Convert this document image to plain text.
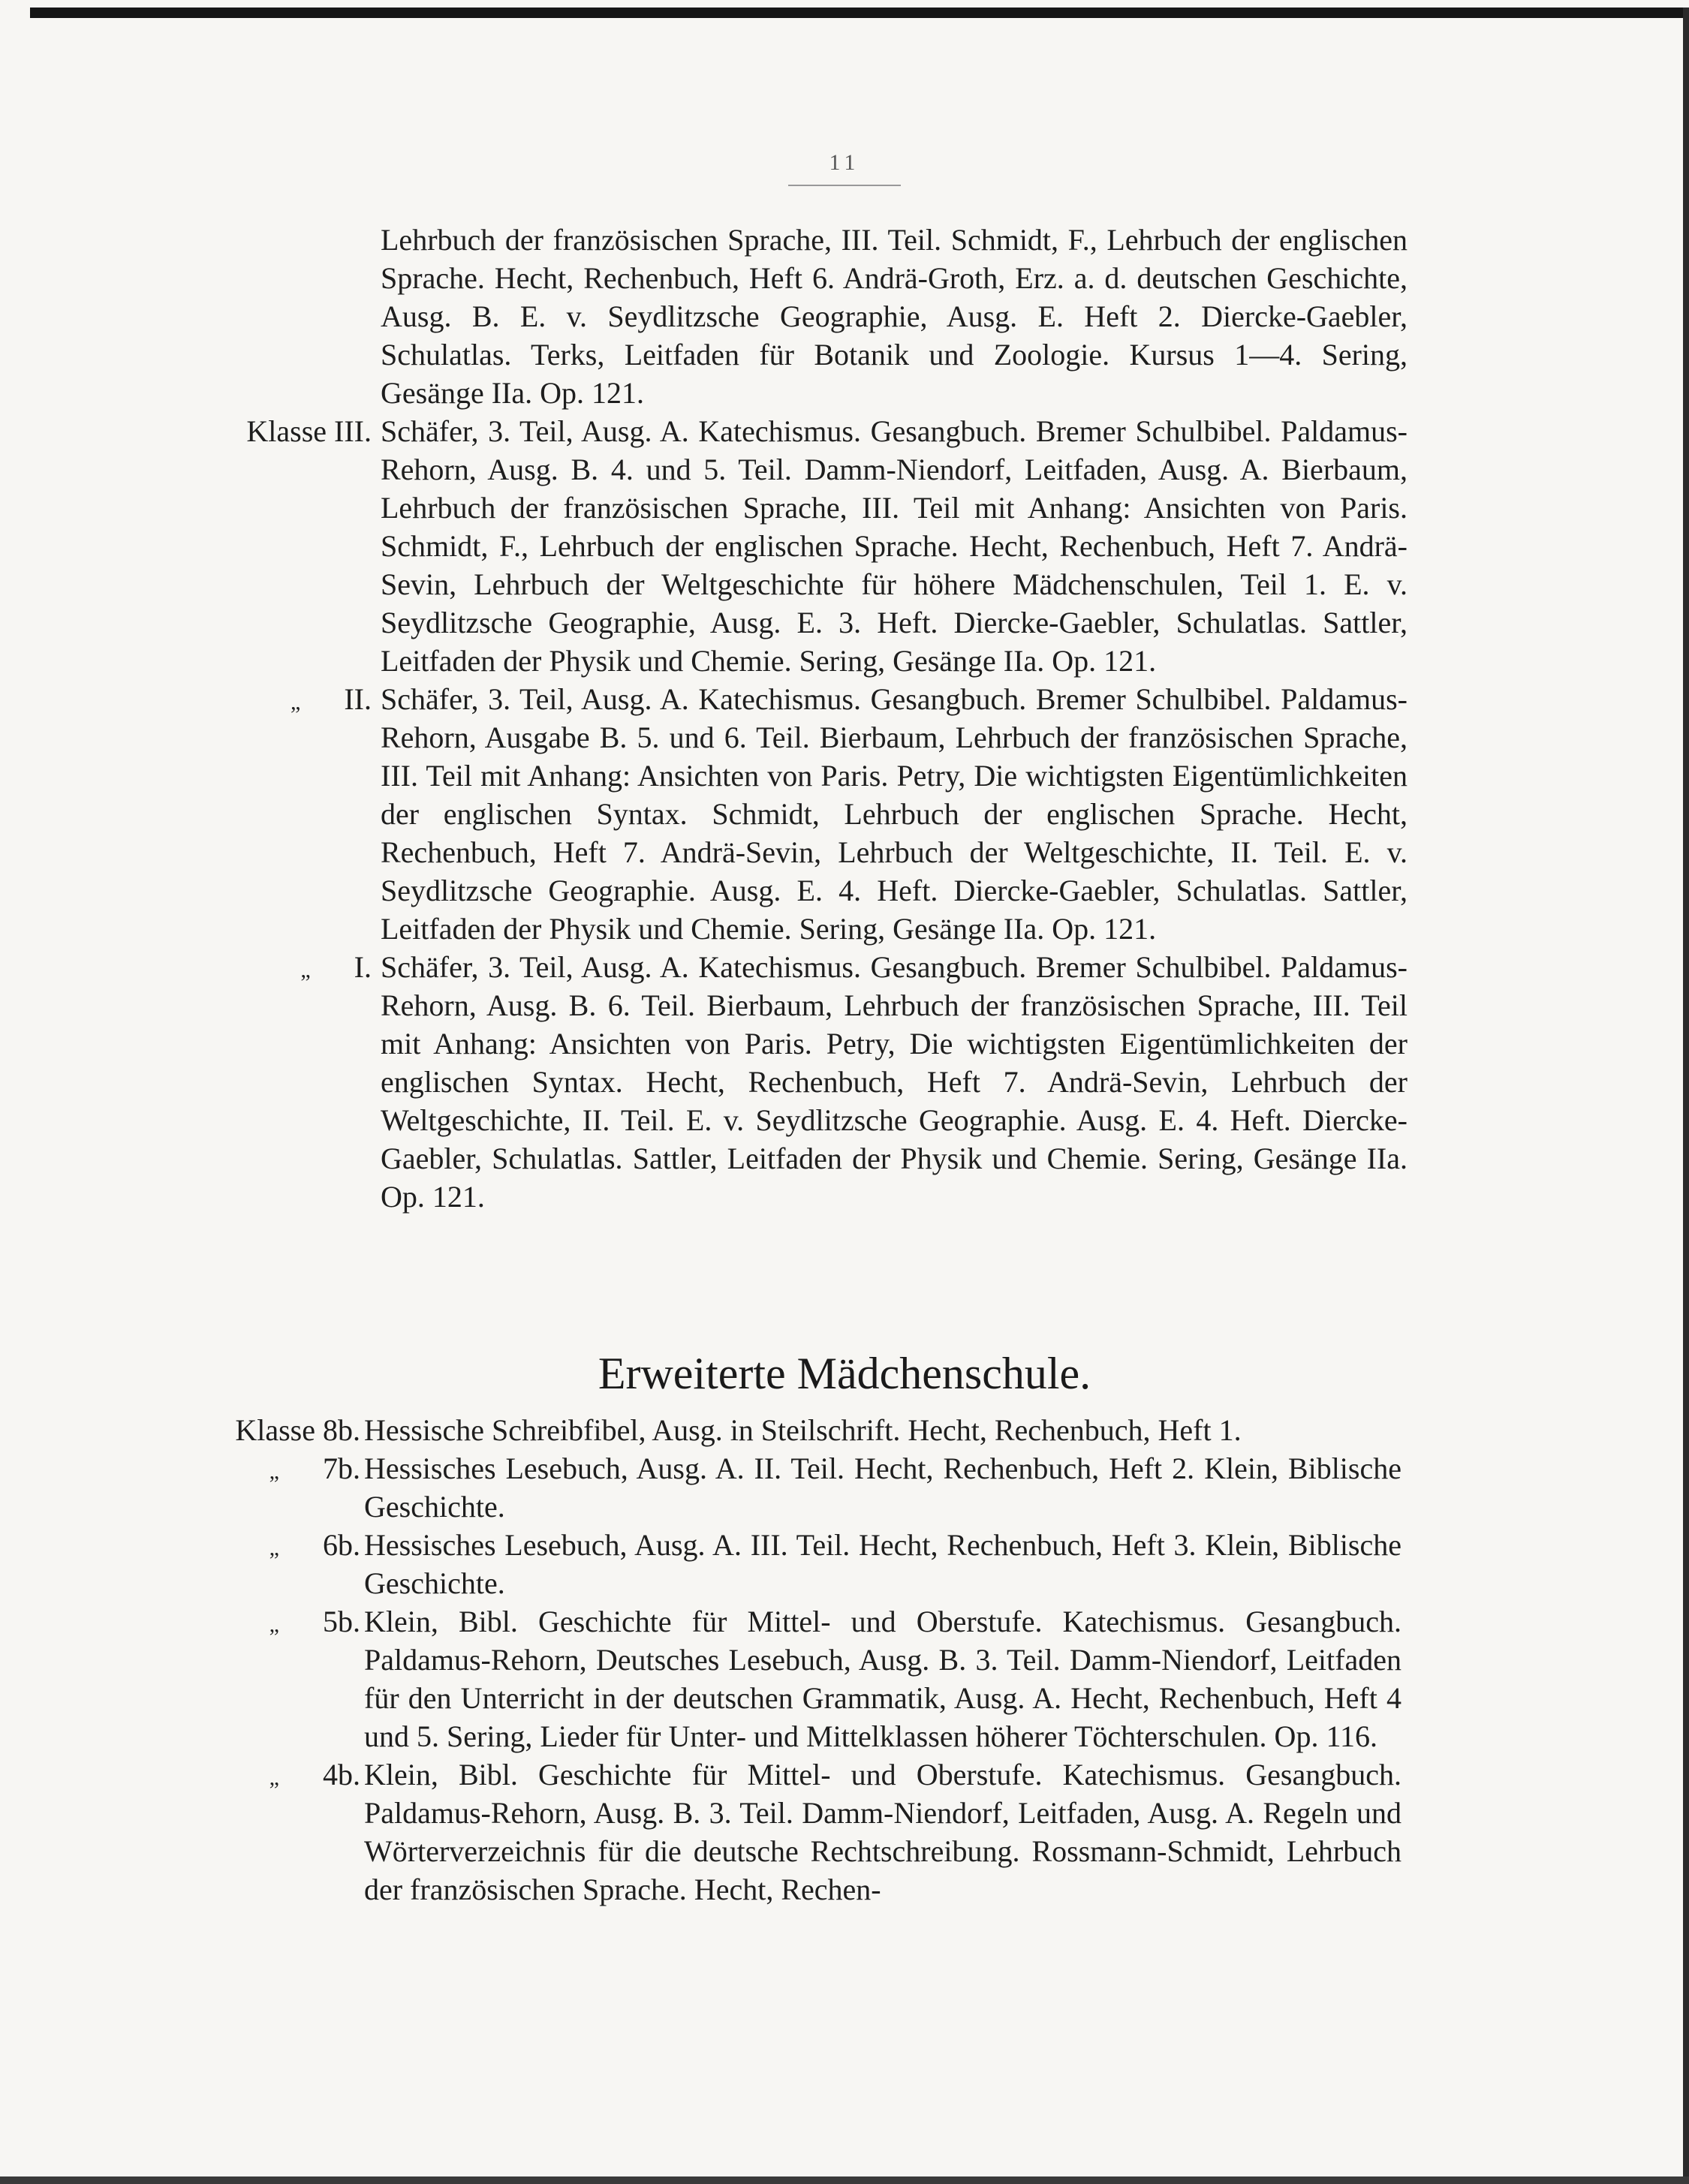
11
Lehrbuch der französischen Sprache, III. Teil. Schmidt, F., Lehrbuch der englischen Sprache. Hecht, Rechenbuch, Heft 6. Andrä-Groth, Erz. a. d. deutschen Geschichte, Ausg. B. E. v. Seydlitzsche Geographie, Ausg. E. Heft 2. Diercke-Gaebler, Schulatlas. Terks, Leitfaden für Botanik und Zoologie. Kursus 1—4. Sering, Gesänge IIa. Op. 121.
Klasse III. Schäfer, 3. Teil, Ausg. A. Katechismus. Gesangbuch. Bremer Schulbibel. Paldamus-Rehorn, Ausg. B. 4. und 5. Teil. Damm-Niendorf, Leitfaden, Ausg. A. Bierbaum, Lehrbuch der französischen Sprache, III. Teil mit Anhang: Ansichten von Paris. Schmidt, F., Lehrbuch der englischen Sprache. Hecht, Rechenbuch, Heft 7. Andrä-Sevin, Lehrbuch der Weltgeschichte für höhere Mädchenschulen, Teil 1. E. v. Seydlitzsche Geographie, Ausg. E. 3. Heft. Diercke-Gaebler, Schulatlas. Sattler, Leitfaden der Physik und Chemie. Sering, Gesänge IIa. Op. 121.
„ II. Schäfer, 3. Teil, Ausg. A. Katechismus. Gesangbuch. Bremer Schulbibel. Paldamus-Rehorn, Ausgabe B. 5. und 6. Teil. Bierbaum, Lehrbuch der französischen Sprache, III. Teil mit Anhang: Ansichten von Paris. Petry, Die wichtigsten Eigentümlichkeiten der englischen Syntax. Schmidt, Lehrbuch der englischen Sprache. Hecht, Rechenbuch, Heft 7. Andrä-Sevin, Lehrbuch der Weltgeschichte, II. Teil. E. v. Seydlitzsche Geographie. Ausg. E. 4. Heft. Diercke-Gaebler, Schulatlas. Sattler, Leitfaden der Physik und Chemie. Sering, Gesänge IIa. Op. 121.
„ I. Schäfer, 3. Teil, Ausg. A. Katechismus. Gesangbuch. Bremer Schulbibel. Paldamus-Rehorn, Ausg. B. 6. Teil. Bierbaum, Lehrbuch der französischen Sprache, III. Teil mit Anhang: Ansichten von Paris. Petry, Die wichtigsten Eigentümlichkeiten der englischen Syntax. Hecht, Rechenbuch, Heft 7. Andrä-Sevin, Lehrbuch der Weltgeschichte, II. Teil. E. v. Seydlitzsche Geographie. Ausg. E. 4. Heft. Diercke-Gaebler, Schulatlas. Sattler, Leitfaden der Physik und Chemie. Sering, Gesänge IIa. Op. 121.
Erweiterte Mädchenschule.
Klasse 8b. Hessische Schreibfibel, Ausg. in Steilschrift. Hecht, Rechenbuch, Heft 1.
„ 7b. Hessisches Lesebuch, Ausg. A. II. Teil. Hecht, Rechenbuch, Heft 2. Klein, Biblische Geschichte.
„ 6b. Hessisches Lesebuch, Ausg. A. III. Teil. Hecht, Rechenbuch, Heft 3. Klein, Biblische Geschichte.
„ 5b. Klein, Bibl. Geschichte für Mittel- und Oberstufe. Katechismus. Gesangbuch. Paldamus-Rehorn, Deutsches Lesebuch, Ausg. B. 3. Teil. Damm-Niendorf, Leitfaden für den Unterricht in der deutschen Grammatik, Ausg. A. Hecht, Rechenbuch, Heft 4 und 5. Sering, Lieder für Unter- und Mittelklassen höherer Töchterschulen. Op. 116.
„ 4b. Klein, Bibl. Geschichte für Mittel- und Oberstufe. Katechismus. Gesangbuch. Paldamus-Rehorn, Ausg. B. 3. Teil. Damm-Niendorf, Leitfaden, Ausg. A. Regeln und Wörterverzeichnis für die deutsche Rechtschreibung. Rossmann-Schmidt, Lehrbuch der französischen Sprache. Hecht, Rechen-
